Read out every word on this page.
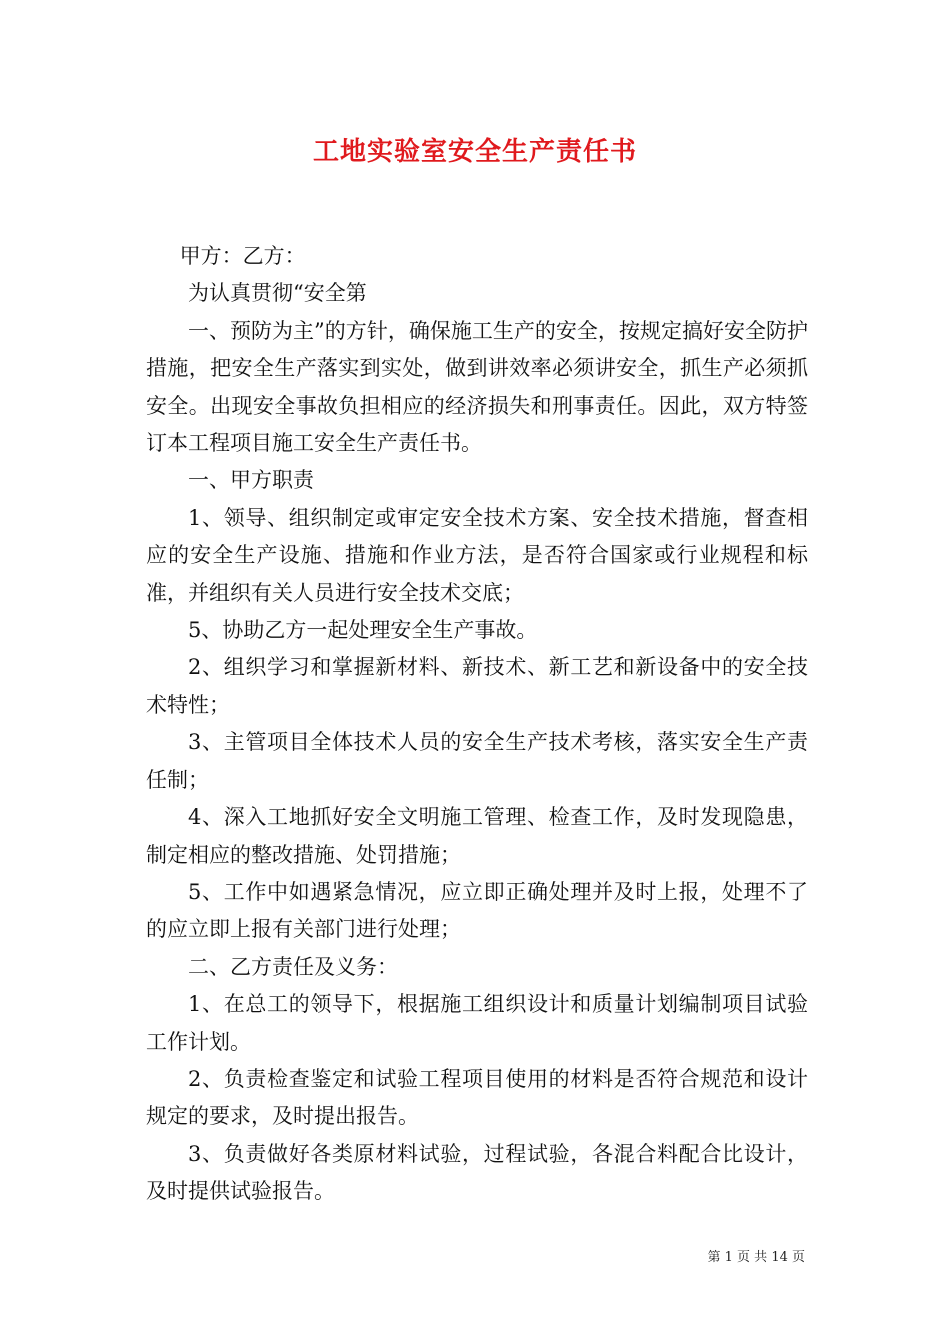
工地实验室安全生产责任书

甲方：乙方：

为认真贯彻“安全第

一、预防为主”的方针，确保施工生产的安全，按规定搞好安全防护措施，把安全生产落实到实处，做到讲效率必须讲安全，抓生产必须抓安全。出现安全事故负担相应的经济损失和刑事责任。因此，双方特签订本工程项目施工安全生产责任书。

一、甲方职责

1、领导、组织制定或审定安全技术方案、安全技术措施，督查相应的安全生产设施、措施和作业方法，是否符合国家或行业规程和标准，并组织有关人员进行安全技术交底；

5、协助乙方一起处理安全生产事故。

2、组织学习和掌握新材料、新技术、新工艺和新设备中的安全技术特性；

3、主管项目全体技术人员的安全生产技术考核，落实安全生产责任制；

4、深入工地抓好安全文明施工管理、检查工作，及时发现隐患，制定相应的整改措施、处罚措施；

5、工作中如遇紧急情况，应立即正确处理并及时上报，处理不了的应立即上报有关部门进行处理；

二、乙方责任及义务：

1、在总工的领导下，根据施工组织设计和质量计划编制项目试验工作计划。

2、负责检查鉴定和试验工程项目使用的材料是否符合规范和设计规定的要求，及时提出报告。

3、负责做好各类原材料试验，过程试验，各混合料配合比设计，及时提供试验报告。

第 1 页 共 14 页
